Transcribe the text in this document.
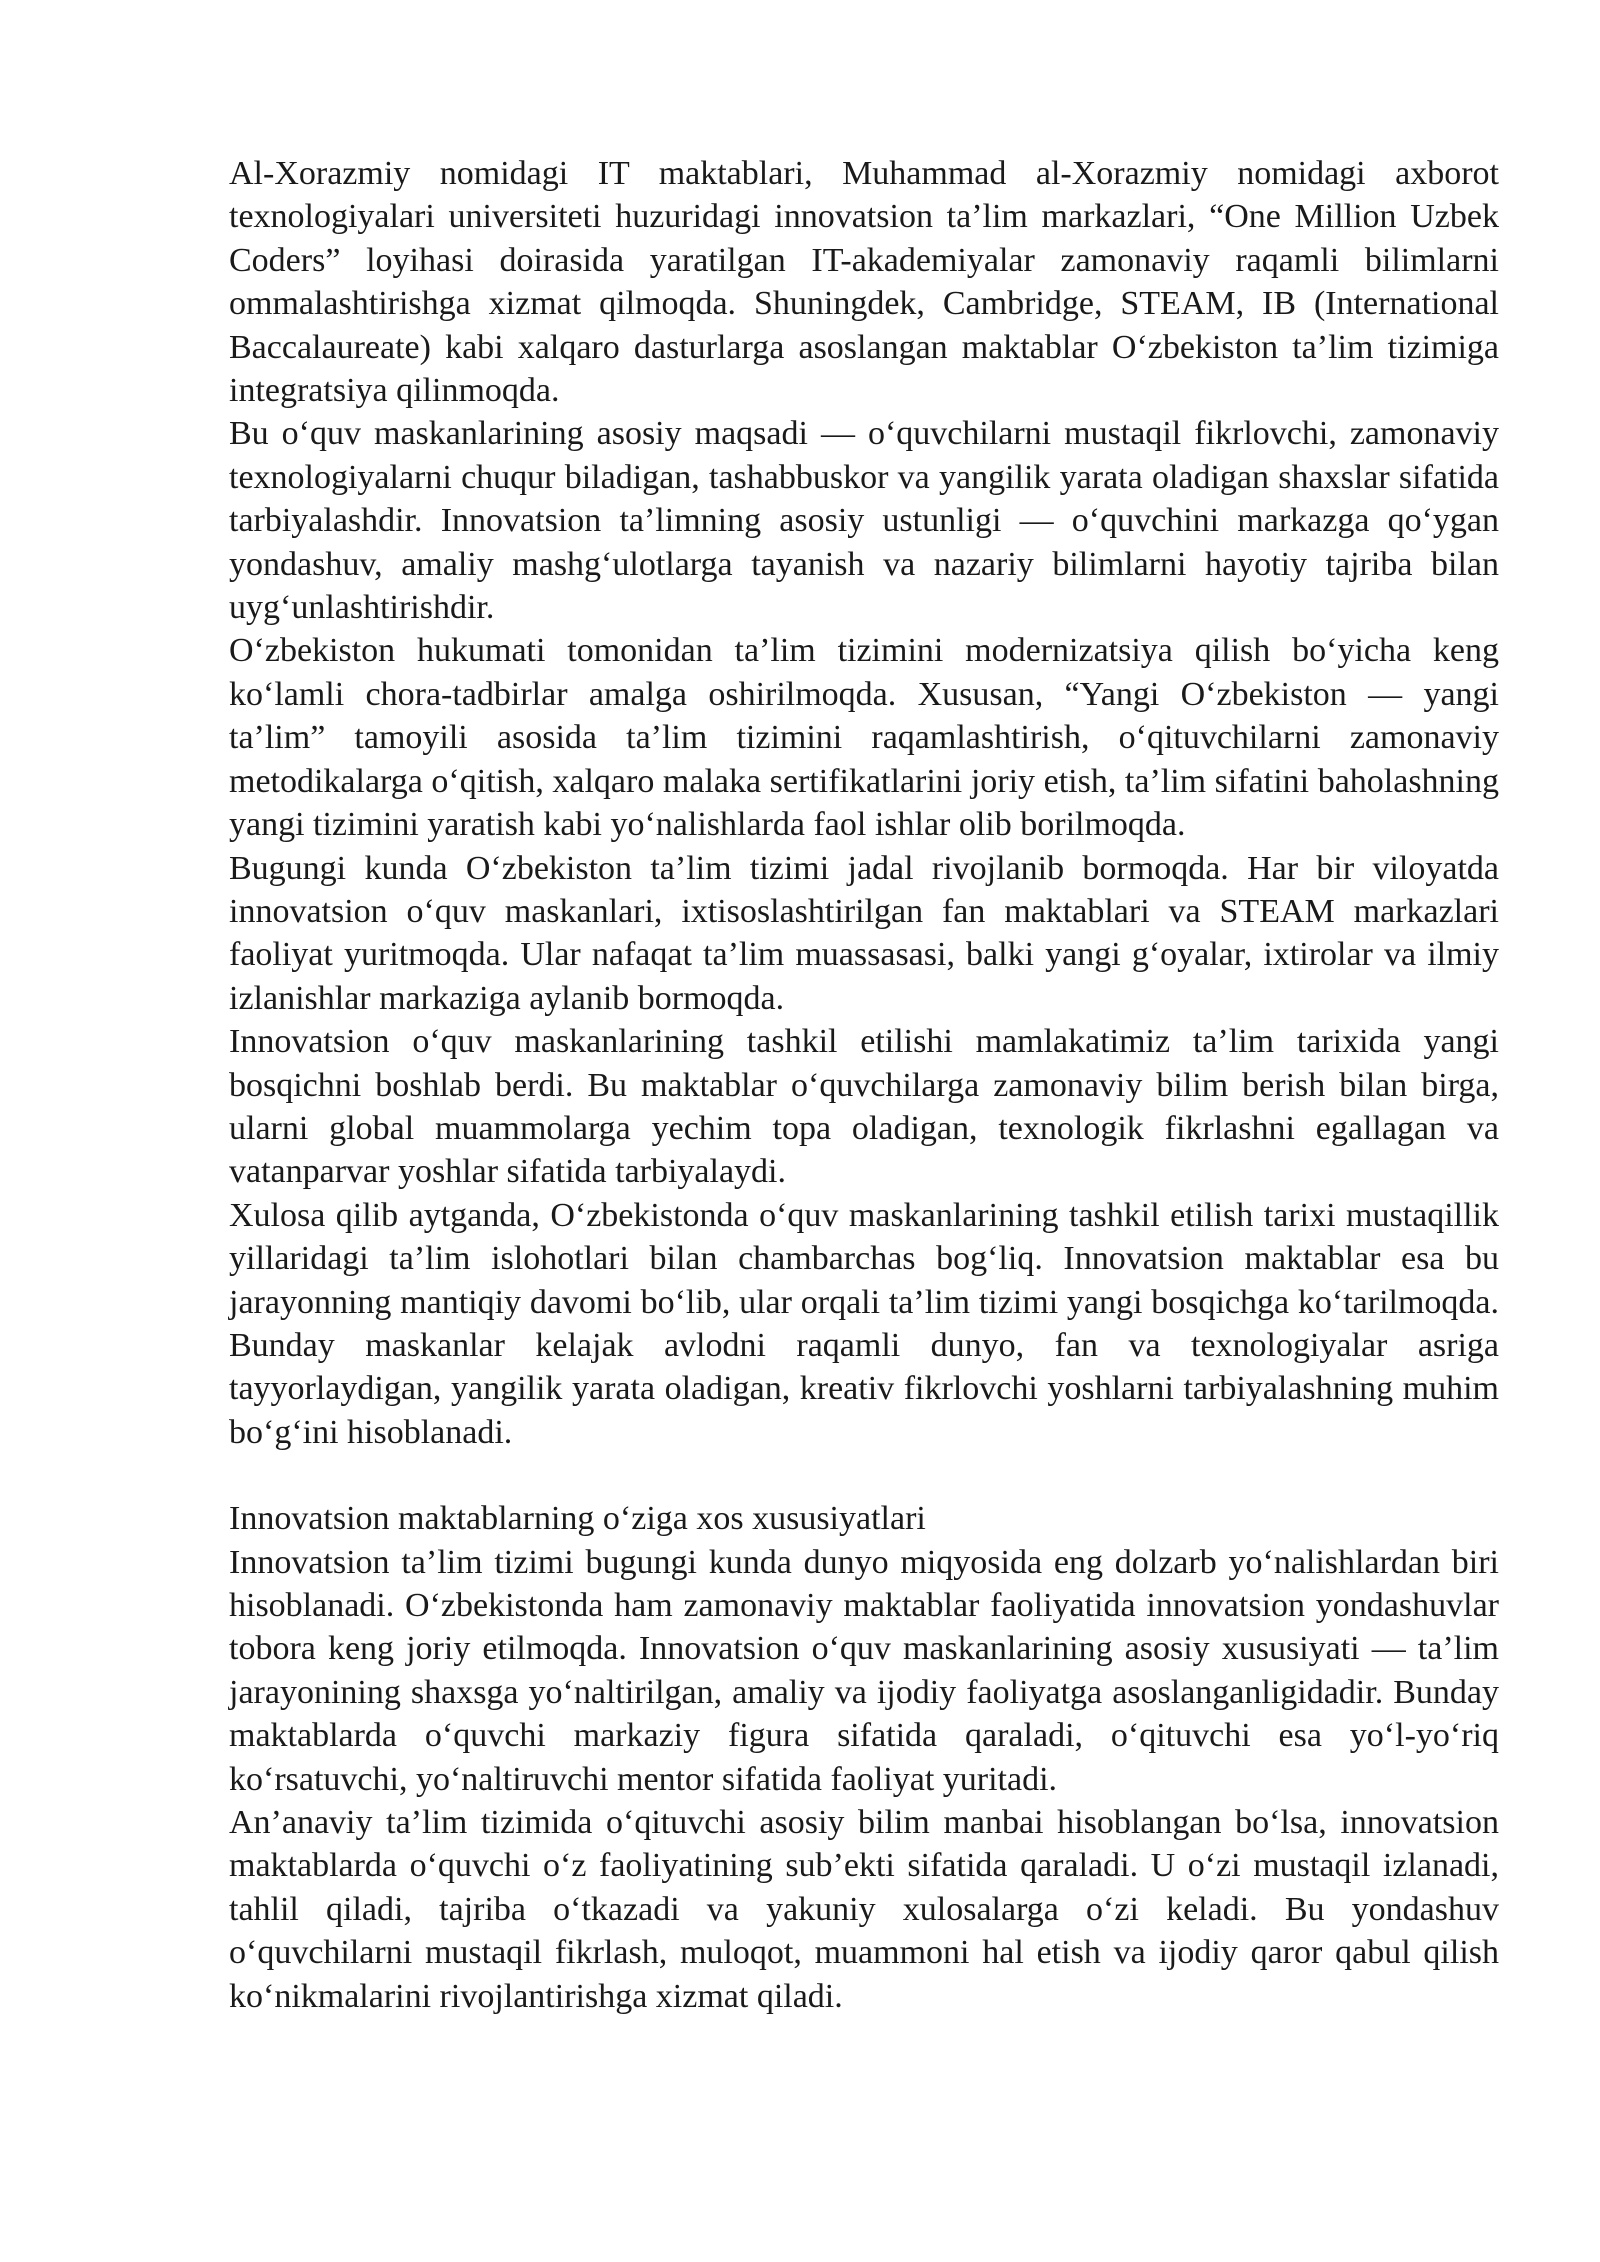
Al-Xorazmiy nomidagi IT maktablari, Muhammad al-Xorazmiy nomidagi axborot texnologiyalari universiteti huzuridagi innovatsion ta’lim markazlari, “One Million Uzbek Coders” loyihasi doirasida yaratilgan IT-akademiyalar zamonaviy raqamli bilimlarni ommalashtirishga xizmat qilmoqda. Shuningdek, Cambridge, STEAM, IB (International Baccalaureate) kabi xalqaro dasturlarga asoslangan maktablar O‘zbekiston ta’lim tizimiga integratsiya qilinmoqda.

Bu o‘quv maskanlarining asosiy maqsadi — o‘quvchilarni mustaqil fikrlovchi, zamonaviy texnologiyalarni chuqur biladigan, tashabbuskor va yangilik yarata oladigan shaxslar sifatida tarbiyalashdir. Innovatsion ta’limning asosiy ustunligi — o‘quvchini markazga qo‘ygan yondashuv, amaliy mashg‘ulotlarga tayanish va nazariy bilimlarni hayotiy tajriba bilan uyg‘unlashtirishdir.

O‘zbekiston hukumati tomonidan ta’lim tizimini modernizatsiya qilish bo‘yicha keng ko‘lamli chora-tadbirlar amalga oshirilmoqda. Xususan, “Yangi O‘zbekiston — yangi ta’lim” tamoyili asosida ta’lim tizimini raqamlashtirish, o‘qituvchilarni zamonaviy metodikalarga o‘qitish, xalqaro malaka sertifikatlarini joriy etish, ta’lim sifatini baholashning yangi tizimini yaratish kabi yo‘nalishlarda faol ishlar olib borilmoqda.

Bugungi kunda O‘zbekiston ta’lim tizimi jadal rivojlanib bormoqda. Har bir viloyatda innovatsion o‘quv maskanlari, ixtisoslashtirilgan fan maktablari va STEAM markazlari faoliyat yuritmoqda. Ular nafaqat ta’lim muassasasi, balki yangi g‘oyalar, ixtirolar va ilmiy izlanishlar markaziga aylanib bormoqda.

Innovatsion o‘quv maskanlarining tashkil etilishi mamlakatimiz ta’lim tarixida yangi bosqichni boshlab berdi. Bu maktablar o‘quvchilarga zamonaviy bilim berish bilan birga, ularni global muammolarga yechim topa oladigan, texnologik fikrlashni egallagan va vatanparvar yoshlar sifatida tarbiyalaydi.

Xulosa qilib aytganda, O‘zbekistonda o‘quv maskanlarining tashkil etilish tarixi mustaqillik yillaridagi ta’lim islohotlari bilan chambarchas bog‘liq. Innovatsion maktablar esa bu jarayonning mantiqiy davomi bo‘lib, ular orqali ta’lim tizimi yangi bosqichga ko‘tarilmoqda. Bunday maskanlar kelajak avlodni raqamli dunyo, fan va texnologiyalar asriga tayyorlaydigan, yangilik yarata oladigan, kreativ fikrlovchi yoshlarni tarbiyalashning muhim bo‘g‘ini hisoblanadi.

Innovatsion maktablarning o‘ziga xos xususiyatlari

Innovatsion ta’lim tizimi bugungi kunda dunyo miqyosida eng dolzarb yo‘nalishlardan biri hisoblanadi. O‘zbekistonda ham zamonaviy maktablar faoliyatida innovatsion yondashuvlar tobora keng joriy etilmoqda. Innovatsion o‘quv maskanlarining asosiy xususiyati — ta’lim jarayonining shaxsga yo‘naltirilgan, amaliy va ijodiy faoliyatga asoslanganligidadir. Bunday maktablarda o‘quvchi markaziy figura sifatida qaraladi, o‘qituvchi esa yo‘l-yo‘riq ko‘rsatuvchi, yo‘naltiruvchi mentor sifatida faoliyat yuritadi.

An’anaviy ta’lim tizimida o‘qituvchi asosiy bilim manbai hisoblangan bo‘lsa, innovatsion maktablarda o‘quvchi o‘z faoliyatining sub’ekti sifatida qaraladi. U o‘zi mustaqil izlanadi, tahlil qiladi, tajriba o‘tkazadi va yakuniy xulosalarga o‘zi keladi. Bu yondashuv o‘quvchilarni mustaqil fikrlash, muloqot, muammoni hal etish va ijodiy qaror qabul qilish ko‘nikmalarini rivojlantirishga xizmat qiladi.
